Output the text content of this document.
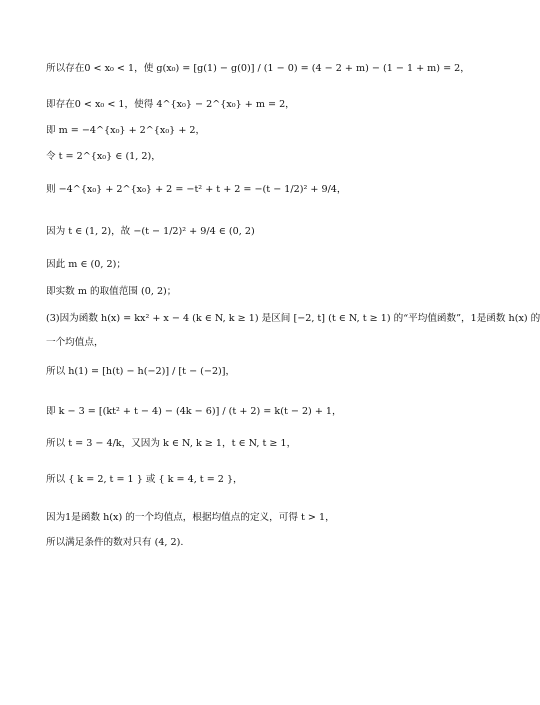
所以存在0 < x₀ < 1，使 g(x₀) = [g(1) − g(0)] / (1 − 0) = (4 − 2 + m) − (1 − 1 + m) = 2，
即存在0 < x₀ < 1，使得 4^{x₀} − 2^{x₀} + m = 2，
即 m = −4^{x₀} + 2^{x₀} + 2，
令 t = 2^{x₀} ∈ (1, 2)，
则 −4^{x₀} + 2^{x₀} + 2 = −t² + t + 2 = −(t − 1/2)² + 9/4，
因为 t ∈ (1, 2)，故 −(t − 1/2)² + 9/4 ∈ (0, 2)
因此 m ∈ (0, 2)；
即实数 m 的取值范围 (0, 2)；
(3)因为函数 h(x) = kx² + x − 4 (k ∈ N, k ≥ 1) 是区间 [−2, t] (t ∈ N, t ≥ 1) 的“平均值函数”，1是函数 h(x) 的
一个均值点，
所以 h(1) = [h(t) − h(−2)] / [t − (−2)]，
即 k − 3 = [(kt² + t − 4) − (4k − 6)] / (t + 2) = k(t − 2) + 1，
所以 t = 3 − 4/k，又因为 k ∈ N, k ≥ 1，t ∈ N, t ≥ 1，
所以 { k = 2, t = 1 } 或 { k = 4, t = 2 }，
因为1是函数 h(x) 的一个均值点，根据均值点的定义，可得 t > 1，
所以满足条件的数对只有 (4, 2).
